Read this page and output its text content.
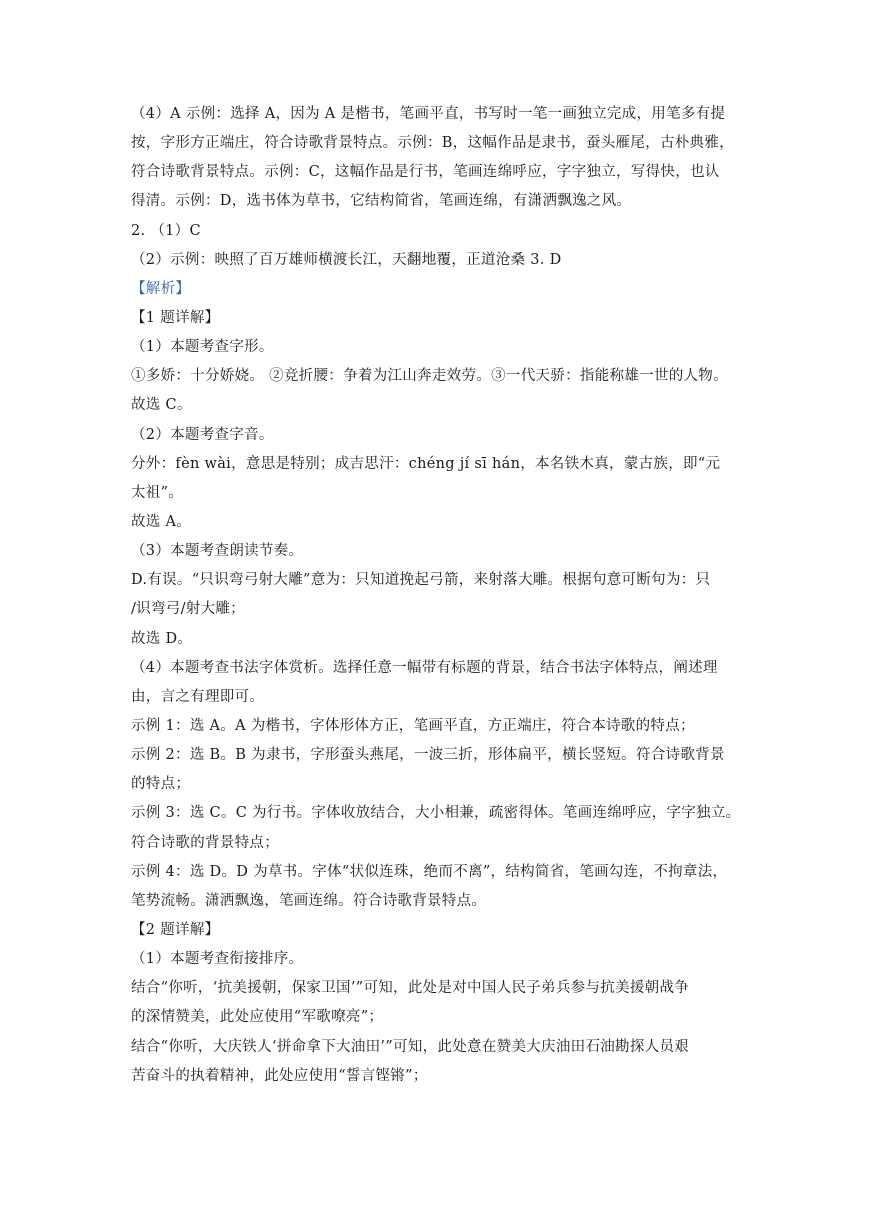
（4）A 示例：选择 A，因为 A 是楷书，笔画平直，书写时一笔一画独立完成，用笔多有提
按，字形方正端庄，符合诗歌背景特点。示例：B，这幅作品是隶书，蚕头雁尾，古朴典雅，
符合诗歌背景特点。示例：C，这幅作品是行书，笔画连绵呼应，字字独立，写得快，也认
得清。示例：D，选书体为草书，它结构简省，笔画连绵，有潇洒飘逸之风。
2. （1）C
（2）示例：映照了百万雄师横渡长江，天翻地覆，正道沧桑 3. D
【解析】
【1 题详解】
（1）本题考查字形。
①多娇：十分娇娆。 ②竞折腰：争着为江山奔走效劳。③一代天骄：指能称雄一世的人物。
故选 C。
（2）本题考查字音。
分外：fèn wài，意思是特别；成吉思汗：chéng jí sī hán，本名铁木真，蒙古族，即“元
太祖”。
故选 A。
（3）本题考查朗读节奏。
D.有误。“只识弯弓射大雕”意为：只知道挽起弓箭，来射落大雕。根据句意可断句为：只
/识弯弓/射大雕；
故选 D。
（4）本题考查书法字体赏析。选择任意一幅带有标题的背景，结合书法字体特点，阐述理
由，言之有理即可。
示例 1：选 A。A 为楷书，字体形体方正，笔画平直，方正端庄，符合本诗歌的特点；
示例 2：选 B。B 为隶书，字形蚕头燕尾，一波三折，形体扁平，横长竖短。符合诗歌背景
的特点；
示例 3：选 C。C 为行书。字体收放结合，大小相兼，疏密得体。笔画连绵呼应，字字独立。
符合诗歌的背景特点；
示例 4：选 D。D 为草书。字体“状似连珠，绝而不离”，结构简省，笔画勾连，不拘章法，
笔势流畅。潇洒飘逸，笔画连绵。符合诗歌背景特点。
【2 题详解】
（1）本题考查衔接排序。
结合“你听，‘抗美援朝，保家卫国’”可知，此处是对中国人民子弟兵参与抗美援朝战争
的深情赞美，此处应使用“军歌嘹亮”；
结合“你听，大庆铁人‘拼命拿下大油田’”可知，此处意在赞美大庆油田石油勘探人员艰
苦奋斗的执着精神，此处应使用“誓言铿锵”；
